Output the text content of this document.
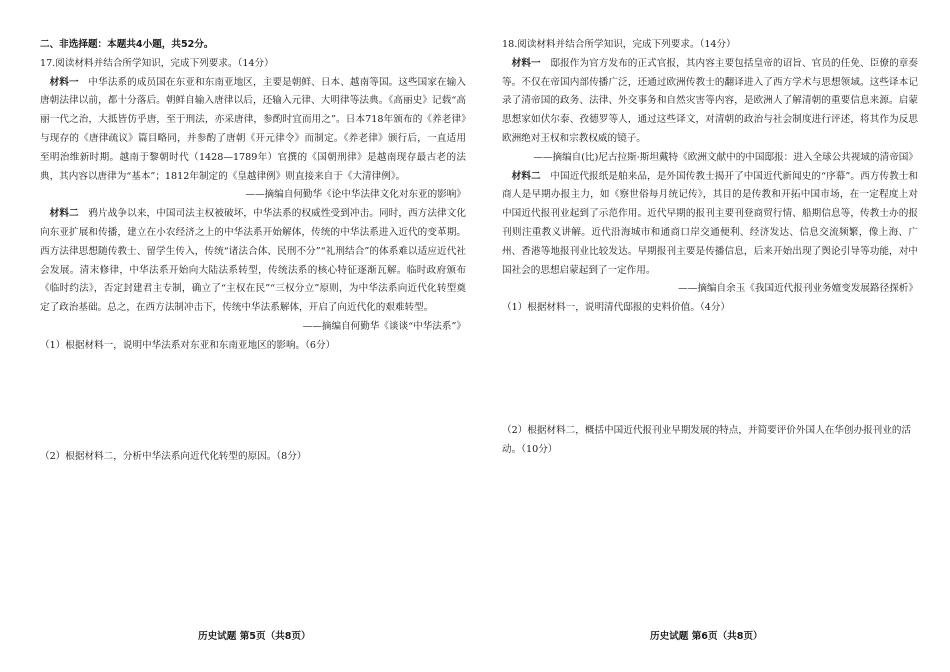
二、非选择题：本题共4小题，共52分。

17.阅读材料并结合所学知识，完成下列要求。（14分）

 材料一  中华法系的成员国在东亚和东南亚地区，主要是朝鲜、日本、越南等国。这些国家在输入唐朝法律以前，都十分落后。朝鲜自输入唐律以后，还输入元律、大明律等法典。《高丽史》记载“高丽一代之治，大抵皆仿乎唐，至于刑法，亦采唐律，参酌时宜而用之”。日本718年颁布的《养老律》与现存的《唐律疏议》篇目略同，并参酌了唐朝《开元律令》而制定。《养老律》颁行后，一直适用至明治维新时期。越南于黎朝时代（1428—1789年）官撰的《国朝刑律》是越南现存最古老的法典，其内容以唐律为“基本”；1812年制定的《皇越律例》则直接来自于《大清律例》。

——摘编自何勤华《论中华法律文化对东亚的影响》

 材料二  鸦片战争以来，中国司法主权被破坏，中华法系的权威性受到冲击。同时，西方法律文化向东亚扩展和传播，建立在小农经济之上的中华法系开始解体，传统的中华法系进入近代的变革期。西方法律思想随传教士、留学生传入，传统“诸法合体、民刑不分”“礼刑结合”的体系难以适应近代社会发展。清末修律，中华法系开始向大陆法系转型，传统法系的核心特征逐渐瓦解。临时政府颁布《临时约法》，否定封建君主专制，确立了“主权在民”“三权分立”原则，为中华法系向近代化转型奠定了政治基础。总之，在西方法制冲击下，传统中华法系解体，开启了向近代化的艰难转型。

——摘编自何勤华《谈谈“中华法系”》

（1）根据材料一，说明中华法系对东亚和东南亚地区的影响。（6分）

（2）根据材料二，分析中华法系向近代化转型的原因。（8分）

18.阅读材料并结合所学知识，完成下列要求。（14分）

 材料一  邸报作为官方发布的正式官报，其内容主要包括皇帝的诏旨、官员的任免、臣僚的章奏等。不仅在帝国内部传播广泛，还通过欧洲传教士的翻译进入了西方学术与思想领域。这些译本记录了清帝国的政务、法律、外交事务和自然灾害等内容，是欧洲人了解清朝的重要信息来源。启蒙思想家如伏尔泰、孜德罗等人，通过这些译文，对清朝的政治与社会制度进行评述，将其作为反思欧洲绝对王权和宗教权威的镜子。

——摘编自(比)尼古拉斯·斯坦戴特《欧洲文献中的中国邸报：进入全球公共视域的清帝国》

 材料二  中国近代报纸是舶来品，是外国传教士揭开了中国近代新闻史的“序幕”。西方传教士和商人是早期办报主力，如《察世俗每月统记传》，其目的是传教和开拓中国市场，在一定程度上对中国近代报刊业起到了示范作用。近代早期的报刊主要刊登商贸行情、船期信息等，传教士办的报刊则注重教义讲解。近代沿海城市和通商口岸交通便利、经济发达、信息交流频繁，像上海、广州、香港等地报刊业比较发达。早期报刊主要是传播信息，后来开始出现了舆论引导等功能，对中国社会的思想启蒙起到了一定作用。

——摘编自余玉《我国近代报刊业务嬗变发展路径探析》

（1）根据材料一，说明清代邸报的史料价值。（4分）

（2）根据材料二，概括中国近代报刊业早期发展的特点，并简要评价外国人在华创办报刊业的活动。（10分）

历史试题 第5页（共8页）	历史试题 第6页（共8页）
